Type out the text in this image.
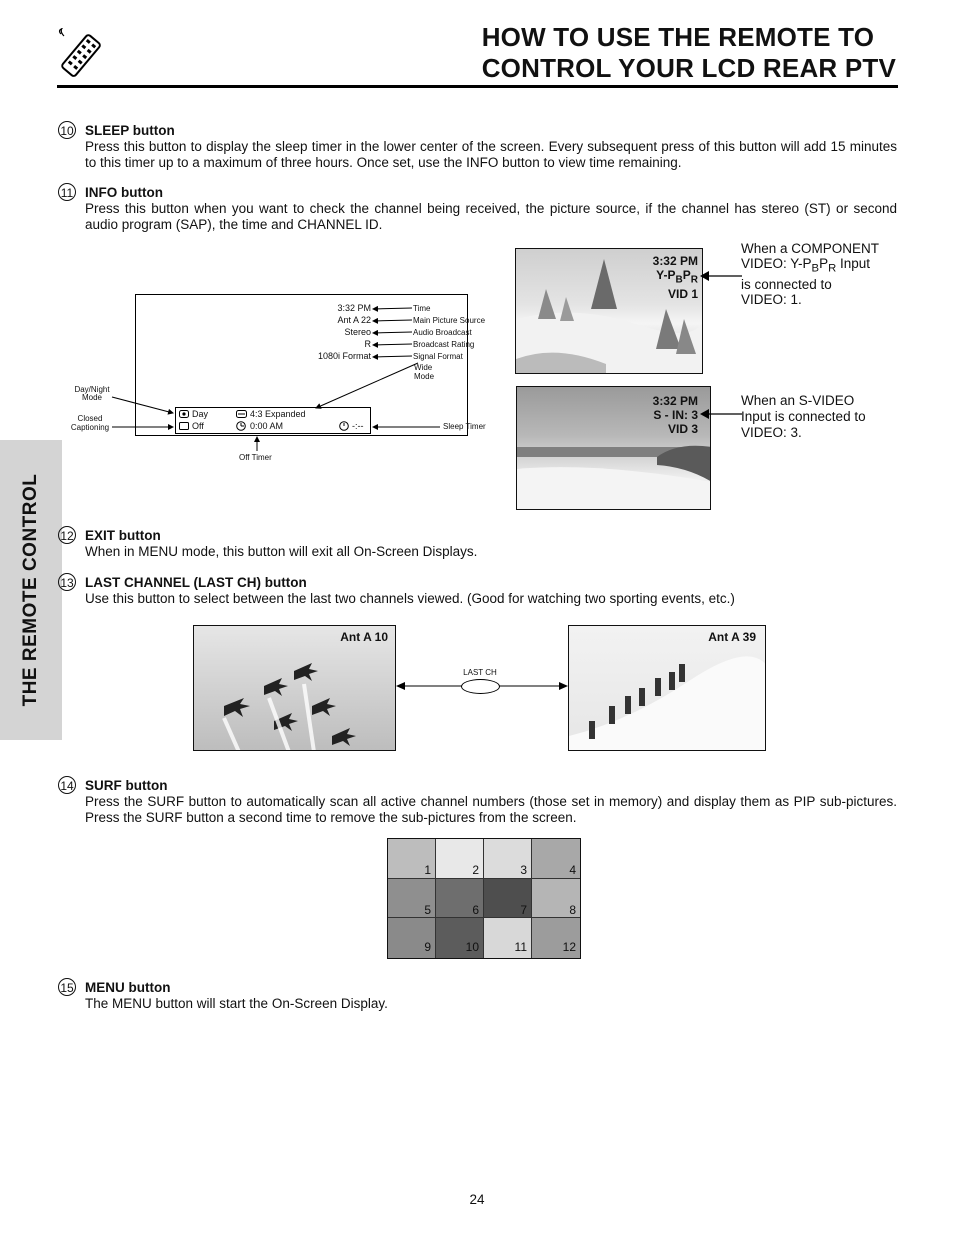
HOW TO USE THE REMOTE TO
CONTROL YOUR LCD REAR PTV
THE REMOTE CONTROL
10 SLEEP button
Press this button to display the sleep timer in the lower center of the screen. Every subsequent press of this button will add 15 minutes to this timer up to a maximum of three hours. Once set, use the INFO button to view time remaining.
11 INFO button
Press this button when you want to check the channel being received, the picture source, if the channel has stereo (ST) or second audio program (SAP), the time and CHANNEL ID.
3:32 PM
Ant A 22
Stereo
R
1080i Format
Time
Main Picture Source
Audio Broadcast
Broadcast Rating
Signal Format
Wide
Mode
Day/Night
Mode
Closed
Captioning	Sleep Timer
Off Timer
Day
Off
4:3 Expanded
0:00 AM	-:--
3:32 PM
$Y-P_BP_R$
VID 1
When a COMPONENT
VIDEO: $Y-P_BP_R$ Input
is connected to
VIDEO: 1.
3:32 PM
S - IN: 3
VID 3
When an S-VIDEO
Input is connected to
VIDEO: 3.
12 EXIT button
When in MENU mode, this button will exit all On-Screen Displays.
13 LAST CHANNEL (LAST CH) button
Use this button to select between the last two channels viewed. (Good for watching two sporting events, etc.)
Ant A 10	Ant A 39
LAST CH
14 SURF button
Press the SURF button to automatically scan all active channel numbers (those set in memory) and display them as PIP sub-pictures. Press the SURF button a second time to remove the sub-pictures from the screen.
1	2	3	4
5	6	7	8
9	10	11	12
15 MENU button
The MENU button will start the On-Screen Display.
24
